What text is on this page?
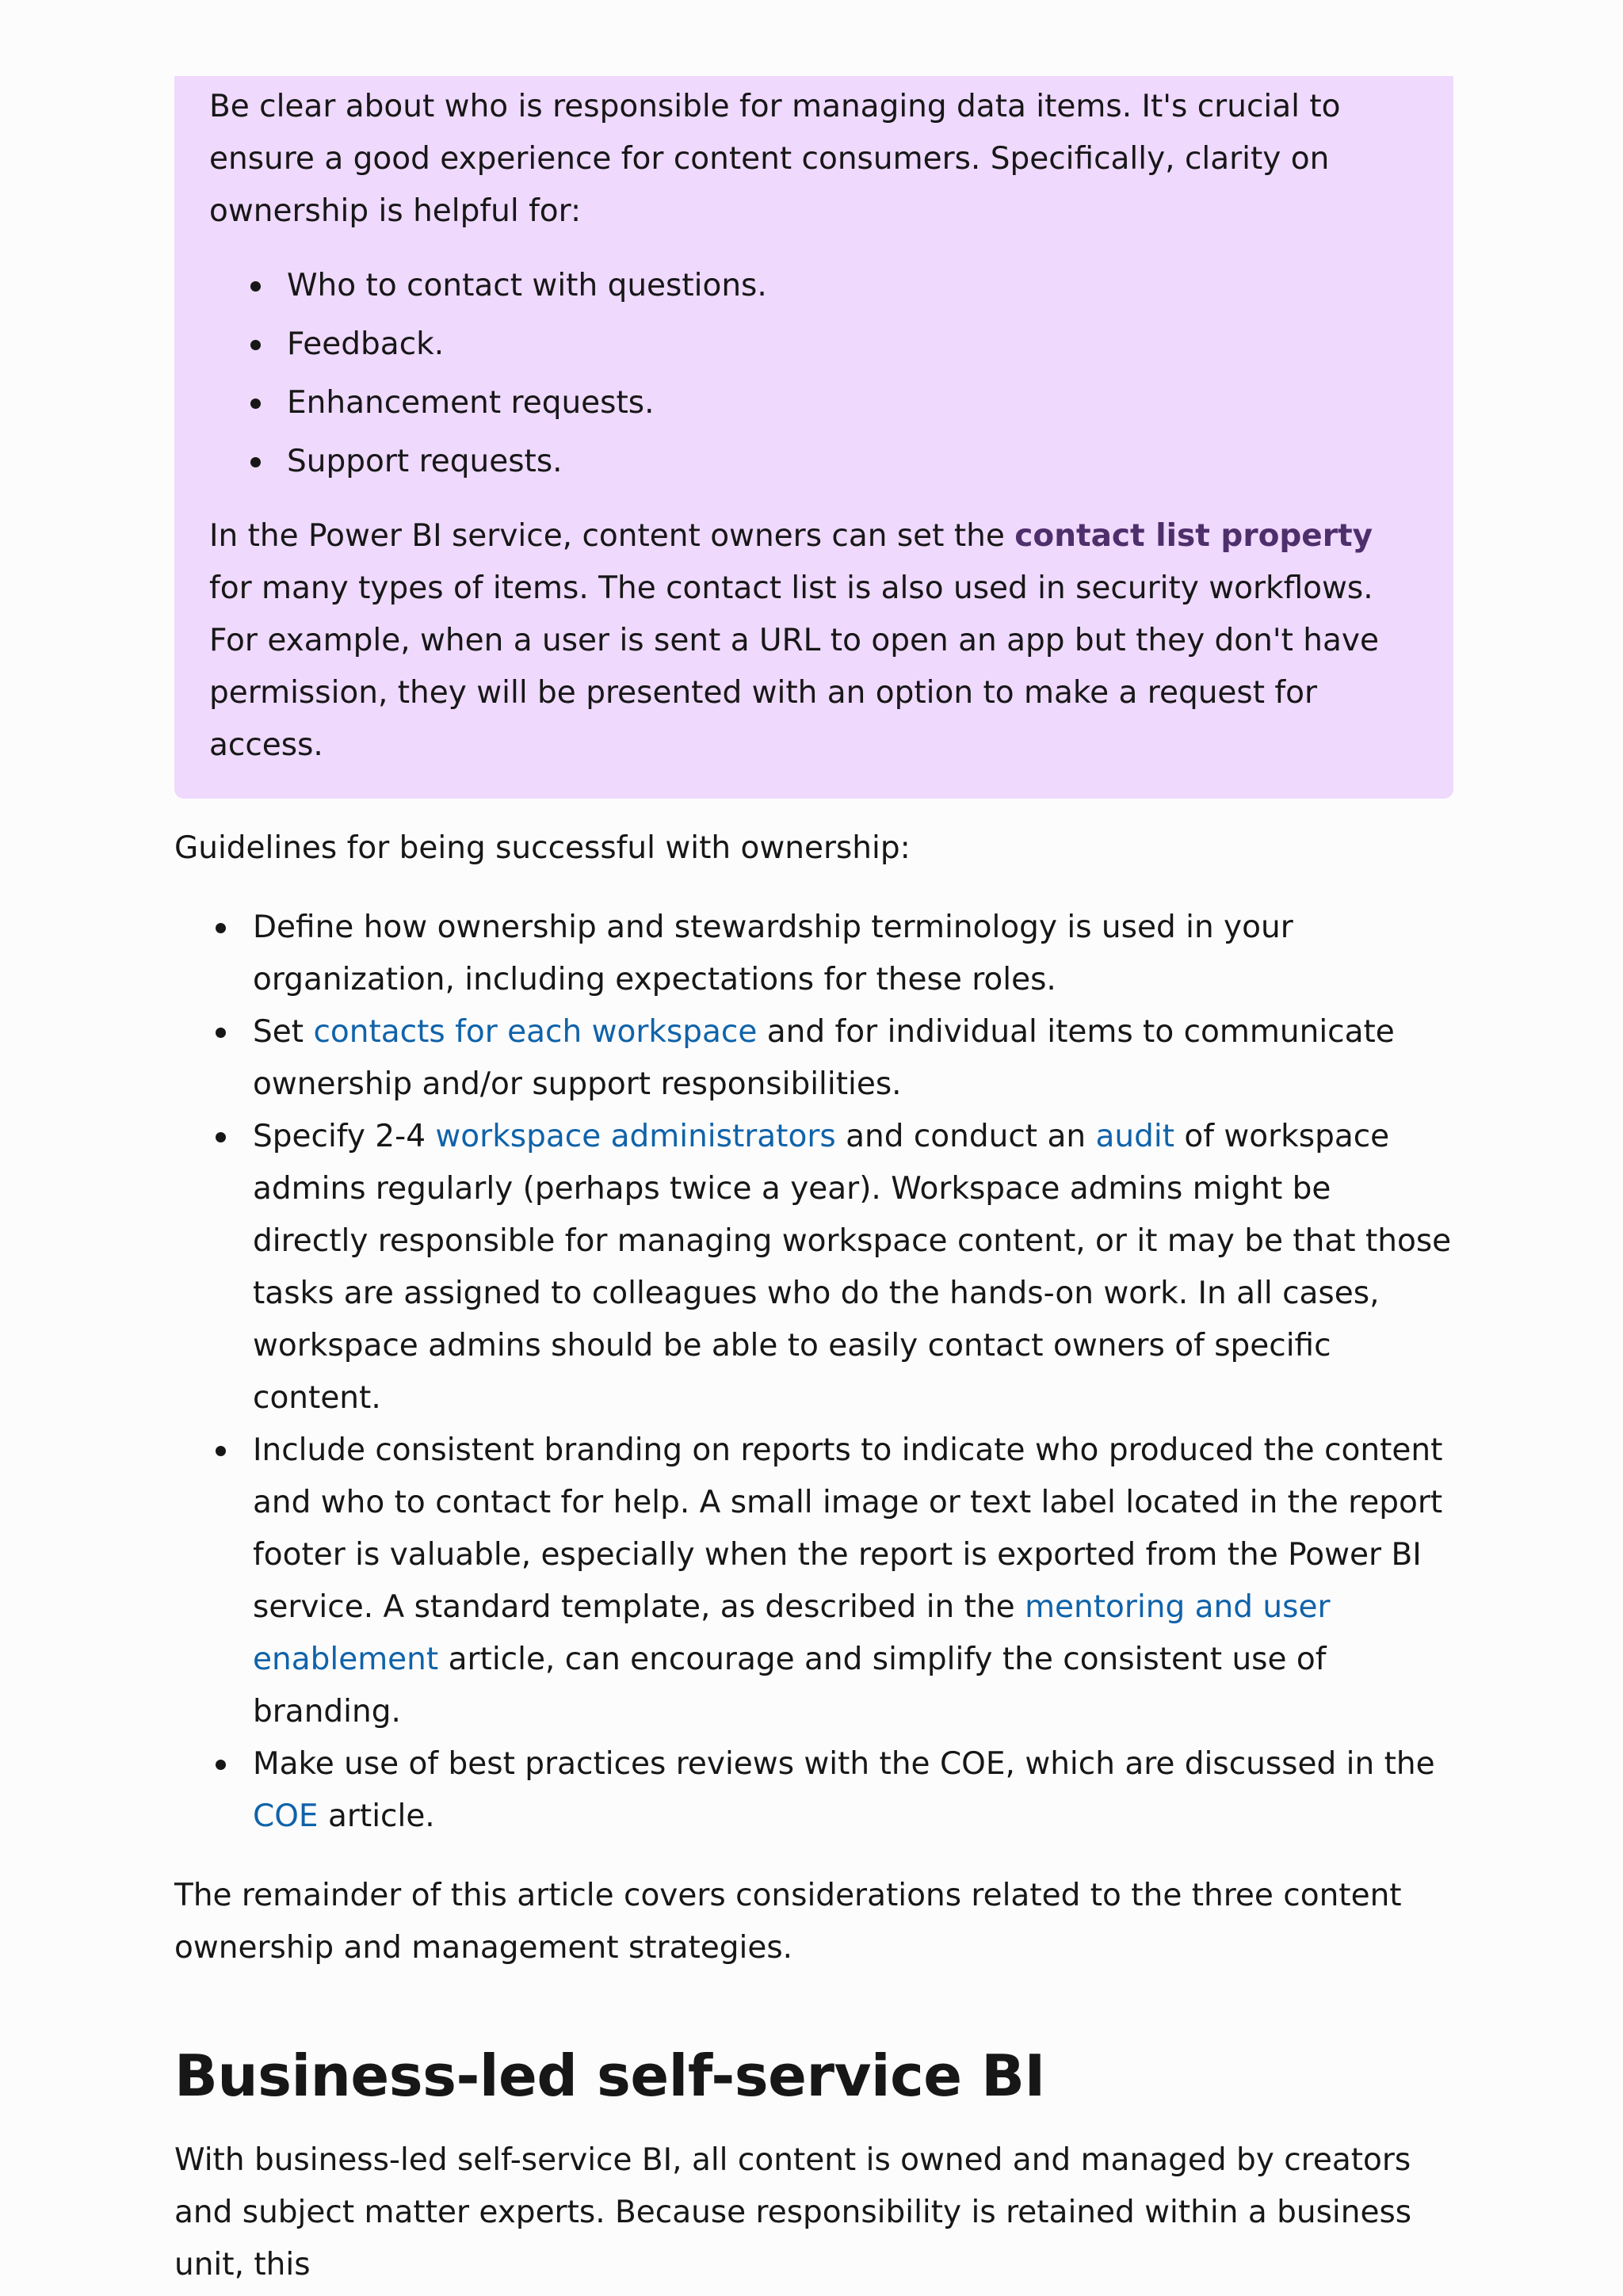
Be clear about who is responsible for managing data items. It's crucial to ensure a good experience for content consumers. Specifically, clarity on ownership is helpful for:

Who to contact with questions.
Feedback.
Enhancement requests.
Support requests.

In the Power BI service, content owners can set the contact list property for many types of items. The contact list is also used in security workflows. For example, when a user is sent a URL to open an app but they don't have permission, they will be presented with an option to make a request for access.

Guidelines for being successful with ownership:

Define how ownership and stewardship terminology is used in your organization, including expectations for these roles.
Set contacts for each workspace and for individual items to communicate ownership and/or support responsibilities.
Specify 2-4 workspace administrators and conduct an audit of workspace admins regularly (perhaps twice a year). Workspace admins might be directly responsible for managing workspace content, or it may be that those tasks are assigned to colleagues who do the hands-on work. In all cases, workspace admins should be able to easily contact owners of specific content.
Include consistent branding on reports to indicate who produced the content and who to contact for help. A small image or text label located in the report footer is valuable, especially when the report is exported from the Power BI service. A standard template, as described in the mentoring and user enablement article, can encourage and simplify the consistent use of branding.
Make use of best practices reviews with the COE, which are discussed in the COE article.

The remainder of this article covers considerations related to the three content ownership and management strategies.

Business-led self-service BI

With business-led self-service BI, all content is owned and managed by creators and subject matter experts. Because responsibility is retained within a business unit, this
